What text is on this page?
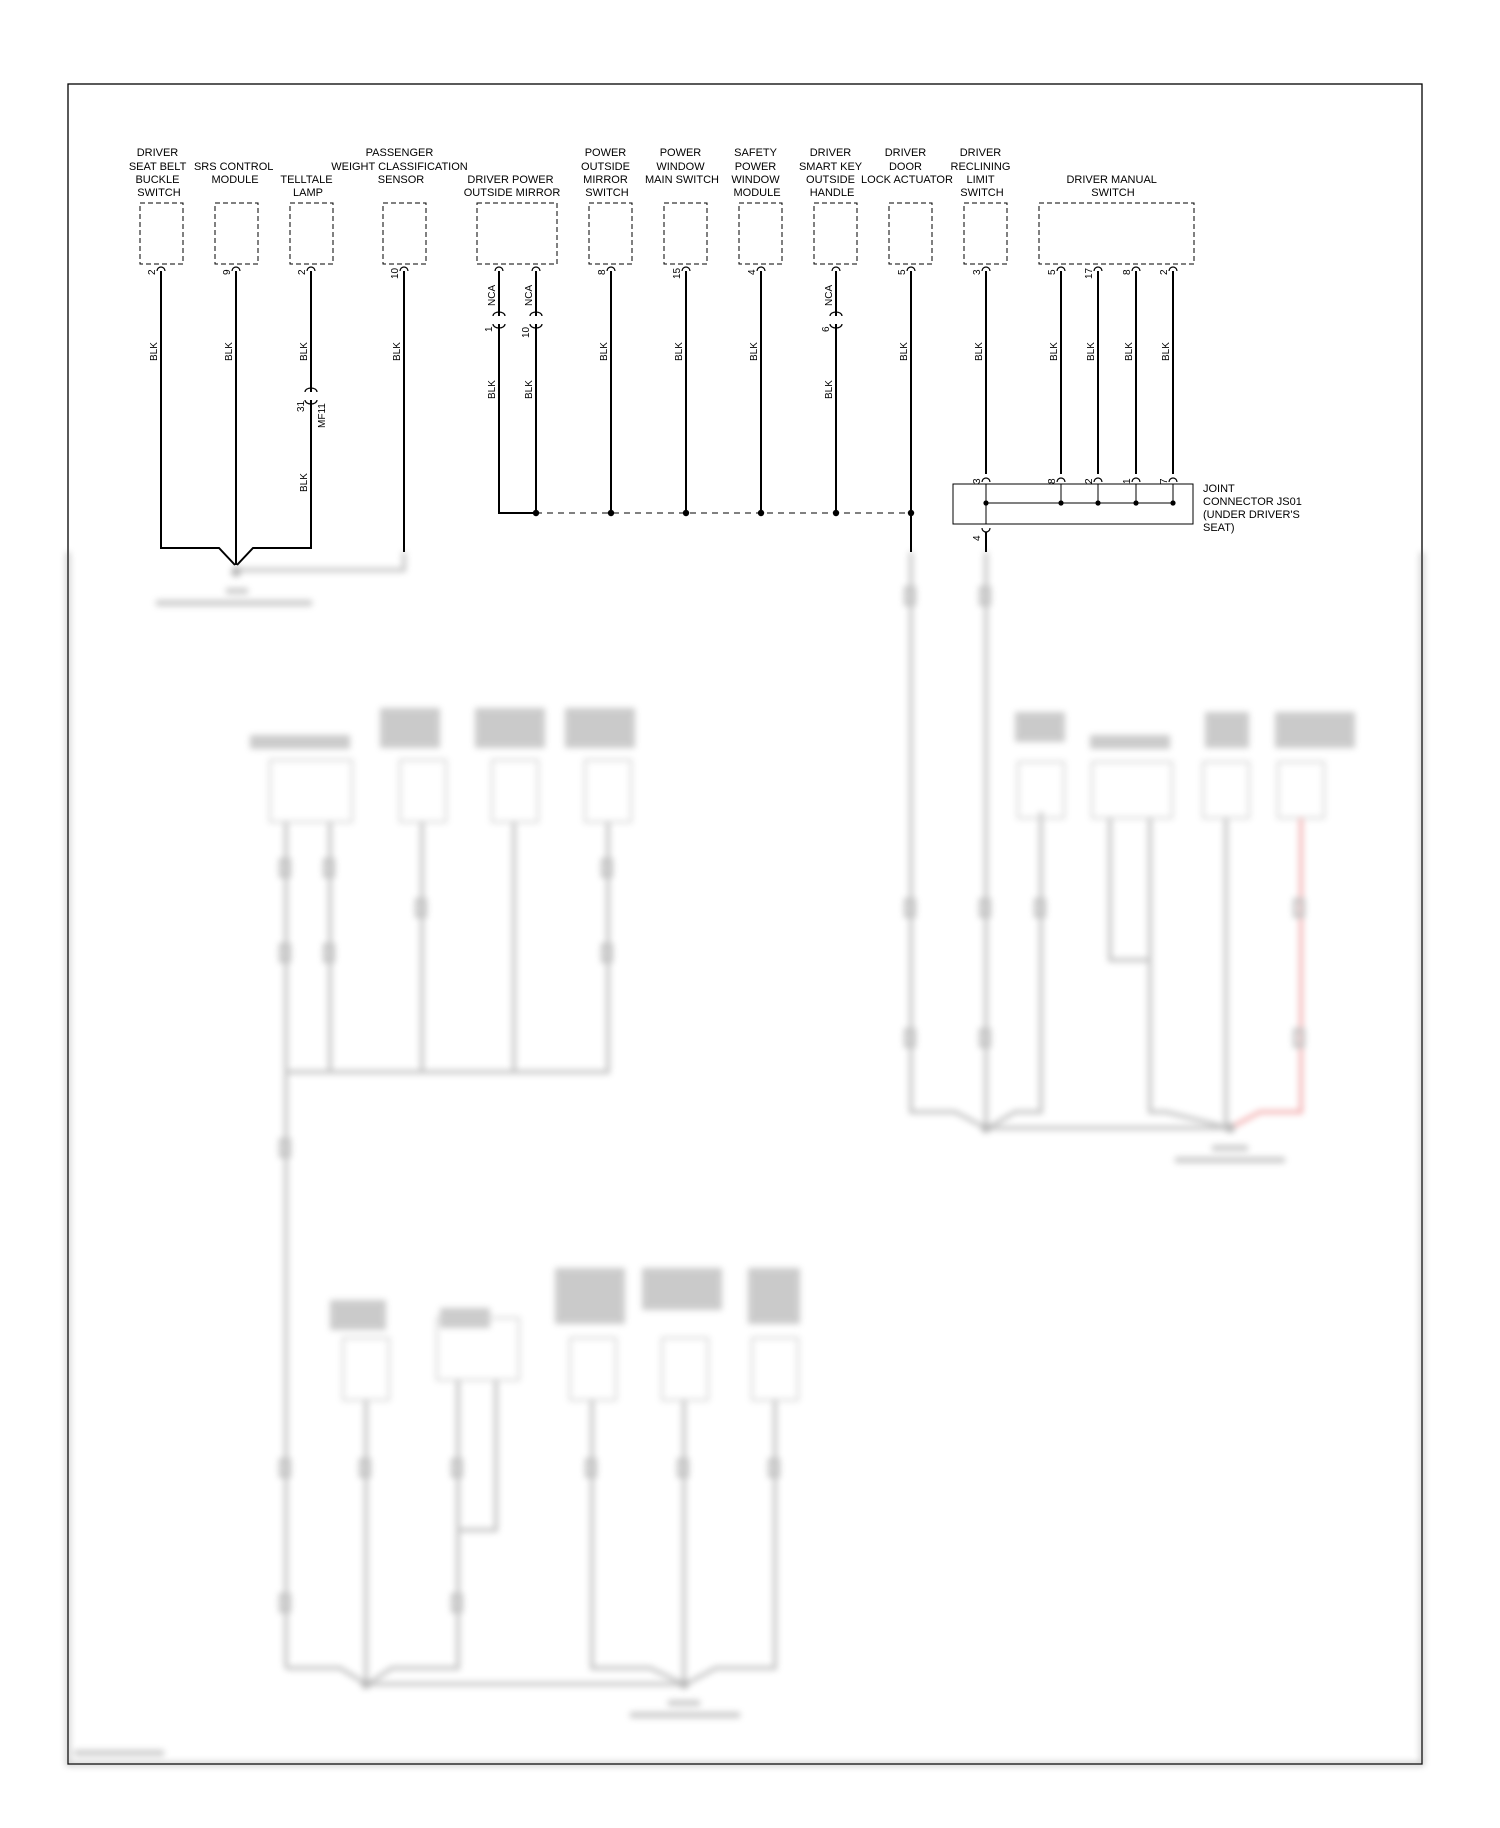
DRIVER SEAT BELT BUCKLE SWITCH
SRS CONTROL MODULE	TELLTALE LAMP
PASSENGER WEIGHT CLASSIFICATION SENSOR	DRIVER POWER OUTSIDE MIRROR
POWER OUTSIDE MIRROR SWITCH
POWER WINDOW MAIN SWITCH
SAFETY POWER WINDOW MODULE
DRIVER SMART KEY OUTSIDE HANDLE
DRIVER DOOR LOCK ACTUATOR
DRIVER RECLINING LIMIT SWITCH
DRIVER MANUAL SWITCH
2	9	2	10	8	15	4	5	3	5	17	8	2
31 MF11
1	10	6
BLK	BLK	BLK
BLK
BLK
NCA	NCA
BLK	BLK
BLK	BLK	BLK
NCA
BLK
BLK	BLK	BLK	BLK	BLK	BLK
3	8	2	1	7
4
JOINT CONNECTOR JS01 (UNDER DRIVER'S SEAT)
